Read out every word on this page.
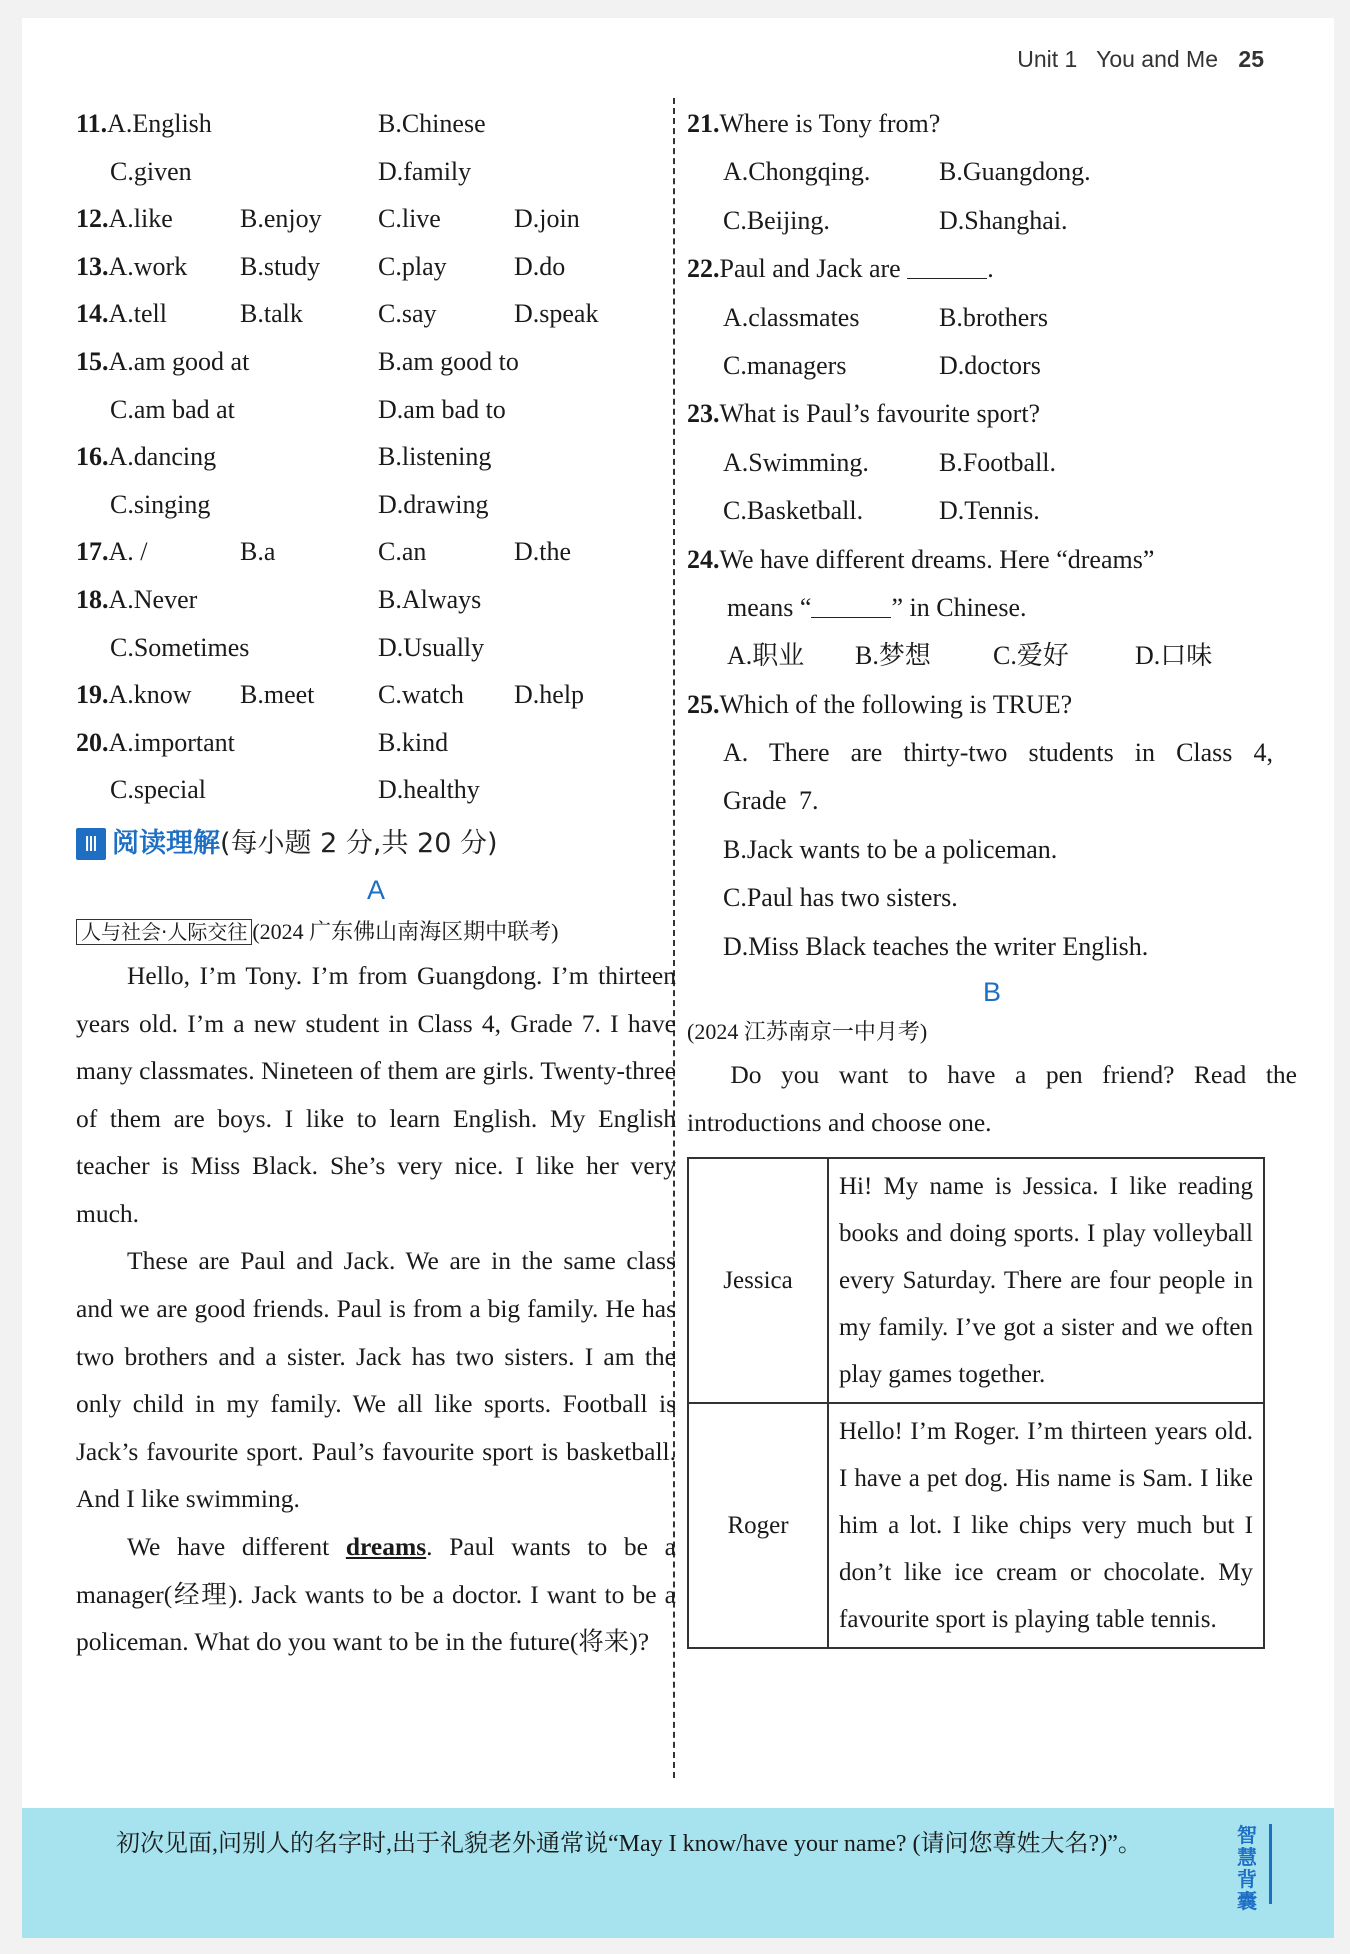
Unit 1 You and Me 25
11.A.English	B.Chinese
C.given	D.family
12.A.like	B.enjoy C.live	D.join
13.A.work B.study C.play	D.do
14.A.tell	B.talk	C.say	D.speak
15.A.am good at	B.am good to
C.am bad at	D.am bad to
16.A.dancing	B.listening
C.singing	D.drawing
17.A. /	B.a	C.an	D.the
18.A.Never	B.Always
C.Sometimes	D.Usually
19.A.know B.meet C.watch D.help
20.A.important	B.kind
C.special	D.healthy
Ⅲ 阅读理解(每小题 2 分,共 20 分)
A
人与社会·人际交往 (2024 广东佛山南海区期中联考)

Hello, I’m Tony. I’m from Guangdong. I’m thirteen years old. I’m a new student in Class 4, Grade 7. I have many classmates. Nineteen of them are girls. Twenty-three of them are boys. I like to learn English. My English teacher is Miss Black. She’s very nice. I like her very much.

These are Paul and Jack. We are in the same class and we are good friends. Paul is from a big family. He has two brothers and a sister. Jack has two sisters. I am the only child in my family. We all like sports. Football is Jack’s favourite sport. Paul’s favourite sport is basketball. And I like swimming.

We have different dreams. Paul wants to be a manager(经理). Jack wants to be a doctor. I want to be a policeman. What do you want to be in the future(将来)?

21.Where is Tony from?
A.Chongqing.	B.Guangdong.
C.Beijing.	D.Shanghai.
22.Paul and Jack are	.
A.classmates	B.brothers
C.managers	D.doctors
23.What is Paul’s favourite sport?
A.Swimming.	B.Football.
C.Basketball.	D.Tennis.
24.We have different dreams. Here “dreams”
means “	” in Chinese.
A.职业 B.梦想 C.爱好	D.口味
25.Which of the following is TRUE?
A. There are thirty-two students in Class 4, Grade 7.
B.Jack wants to be a policeman.
C.Paul has two sisters.
D.Miss Black teaches the writer English.
B
(2024 江苏南京一中月考)

Do you want to have a pen friend? Read the introductions and choose one.

Jessica	Hi! My name is Jessica. I like reading books and doing sports. I play volleyball every Saturday. There are four people in my family. I’ve got a sister and we often play games together.
Roger	Hello! I’m Roger. I’m thirteen years old. I have a pet dog. His name is Sam. I like him a lot. I like chips very much but I don’t like ice cream or chocolate. My favourite sport is playing table tennis.
初次见面,问别人的名字时,出于礼貌老外通常说“May I know/have your name? (请问您尊姓大名?)”。	智慧背囊
